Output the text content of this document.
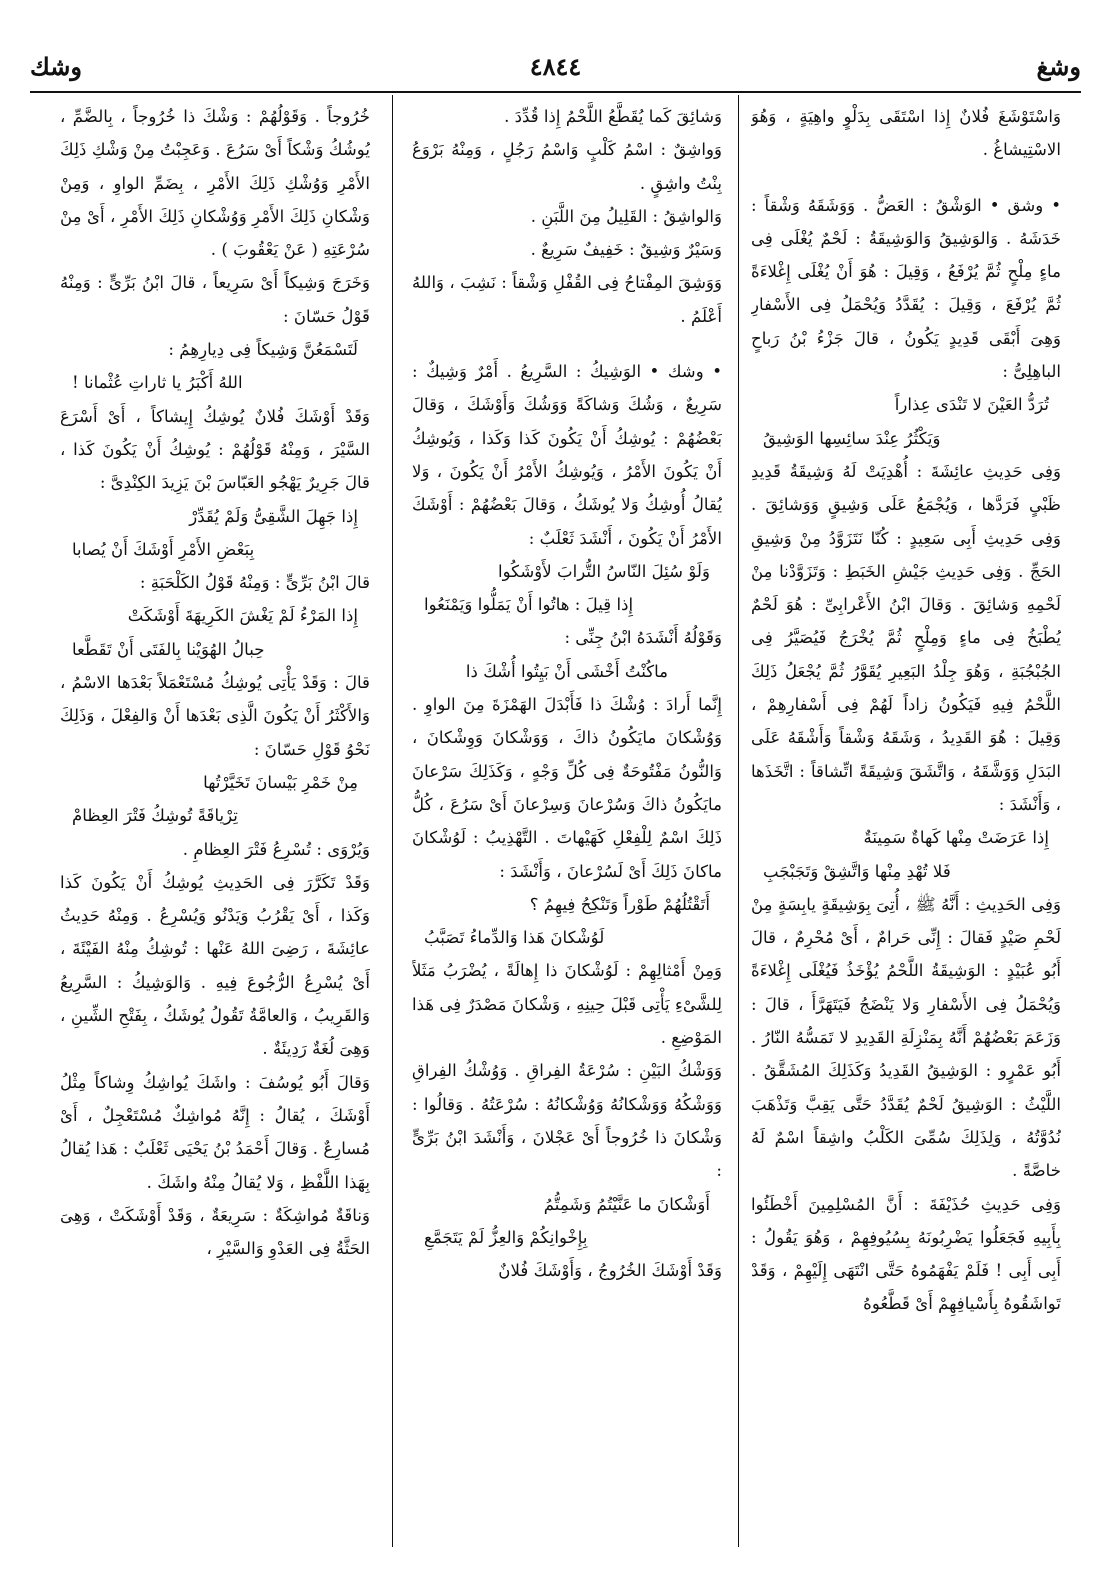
وشغ
٤٨٤٤
وشك

وَاسْتَوْشَغَ فُلانٌ إِذا اسْتَقَى بِدَلْوٍ واهِيَةٍ ، وَهُوَ الاسْتِيشاغُ .

• وشق • الوَشْقُ : العَضُّ . وَوَشَقَهُ وَشْقاً : خَدَشَهُ . وَالوَشِيقُ وَالوَشِيقَةُ : لَحْمٌ يُغْلَى فِى ماءٍ مِلْحٍ ثُمَّ يُرْفَعُ ، وَقِيلَ : هُوَ أَنْ يُغْلَى إِغْلاءَةً ثُمَّ يُرْفَعَ ، وَقِيلَ : يُقَدَّدُ وَيُحْمَلُ فِى الأَسْفارِ وَهِىَ أَبْقَى قَدِيدٍ يَكُونُ ، قالَ جَزْءُ بْنُ رَباحٍ الباهِلِىُّ :

تُرَدُّ العَيْنَ لا تَنْدَى عِذاراً

وَيَكْثُرُ عِنْدَ سائِسِها الوَشِيقُ

وَفِى حَدِيثِ عائِشَةَ : أُهْدِيَتْ لَهُ وَشِيقَةُ قَدِيدِ ظَبْىٍ فَرَدَّها ، وَيُجْمَعُ عَلَى وَشِيقٍ وَوَشائِقَ . وَفِى حَدِيثِ أَبِى سَعِيدٍ : كُنّا نَتَزَوَّدُ مِنْ وَشِيقِ الحَجِّ . وَفِى حَدِيثِ جَيْشِ الخَبَطِ : وَتَزَوَّدْنا مِنْ لَحْمِهِ وَشائِقَ . وَقالَ ابْنُ الأَعْرابِىِّ : هُوَ لَحْمٌ يُطْبَخُ فِى ماءٍ وَمِلْحٍ ثُمَّ يُخْرَجُ فَيُصَيَّرُ فِى الجُبْجُبَةِ ، وَهُوَ جِلْدُ البَعِيرِ يُقَوَّرُ ثُمَّ يُجْعَلُ ذَلِكَ اللَّحْمُ فِيهِ فَيَكُونُ زاداً لَهُمْ فِى أَسْفارِهِمْ ، وَقِيلَ : هُوَ القَدِيدُ ، وَشَقَهُ وَشْقاً وَأَشْقَهُ عَلَى البَدَلِ وَوَشَّقَهُ ، وَاتَّشَقَ وَشِيقَةً اتِّشاقاً : اتَّخَذَها ، وَأَنْشَدَ :

إِذا عَرَضَتْ مِنْها كَهاةٌ سَمِينَةٌ

فَلا تُهْدِ مِنْها وَاتَّشِقْ وَتَجَبْجَبِ

وَفِى الحَدِيثِ : أَنَّهُ ﷺ ، أُتِىَ بِوَشِيقَةٍ يابِسَةٍ مِنْ لَحْمِ صَيْدٍ فَقالَ : إِنِّى حَرامٌ ، أَىْ مُحْرِمٌ ، قالَ أَبُو عُبَيْدٍ : الوَشِيقَةُ اللَّحْمُ يُؤْخَذُ فَيُغْلَى إِغْلاءَةً وَيُحْمَلُ فِى الأَسْفارِ وَلا يَنْضَجُ فَيَتَهَرَّأَ ، قالَ : وَزَعَمَ بَعْضُهُمْ أَنَّهُ بِمَنْزِلَةِ القَدِيدِ لا تَمَسُّهُ النّارُ . أَبُو عَمْرٍو : الوَشِيقُ القَدِيدُ وَكَذَلِكَ المُشَقَّقُ . اللَّيْثُ : الوَشِيقُ لَحْمٌ يُقَدَّدُ حَتَّى يَقِبَّ وَتَذْهَبَ نُدُوَّتُهُ ، وَلِذَلِكَ سُمِّىَ الكَلْبُ واشِقاً اسْمٌ لَهُ خاصَّةً .

وَفِى حَدِيثِ حُذَيْفَةَ : أَنَّ المُسْلِمِينَ أَخْطَئُوا بِأَبِيهِ فَجَعَلُوا يَضْرِبُونَهُ بِسُيُوفِهِمْ ، وَهُوَ يَقُولُ : أَبِى أَبِى ! فَلَمْ يَفْهَمُوهُ حَتَّى انْتَهَى إِلَيْهِمْ ، وَقَدْ تَواشَقُوهُ بِأَسْيافِهِمْ أَىْ قَطَّعُوهُ

وَشائِقَ كَما يُقَطَّعُ اللَّحْمُ إِذا قُدِّدَ .

وَواشِقٌ : اسْمُ كَلْبٍ وَاسْمُ رَجُلٍ ، وَمِنْهُ بَرْوَعُ بِنْتُ واشِقٍ .

وَالواشِقُ : القَلِيلُ مِنَ اللَّبَنِ .

وَسَيْرٌ وَشِيقٌ : خَفِيفٌ سَرِيعٌ .

وَوَشِقَ المِفْتاحُ فِى القُفْلِ وَشْقاً : نَشِبَ ، وَاللهُ أَعْلَمُ .

• وشك • الوَشِيكُ : السَّرِيعُ . أَمْرٌ وَشِيكٌ : سَرِيعٌ ، وَشُكَ وَشاكَةً وَوَشُكَ وَأَوْشَكَ ، وَقالَ بَعْضُهُمْ : يُوشِكُ أَنْ يَكُونَ كَذا وَكَذا ، وَيُوشِكُ أَنْ يَكُونَ الأَمْرُ ، وَيُوشِكُ الأَمْرُ أَنْ يَكُونَ ، وَلا يُقالُ أُوشِكُ وَلا يُوشَكُ ، وَقالَ بَعْضُهُمْ : أَوْشَكَ الأَمْرُ أَنْ يَكُونَ ، أَنْشَدَ ثَعْلَبٌ :

وَلَوْ سُئِلَ النّاسُ التُّرابَ لأَوْشَكُوا

إِذا قِيلَ : هاتُوا أَنْ يَمَلُّوا وَيَمْنَعُوا

وَقَوْلُهُ أَنْشَدَهُ ابْنُ جِنِّى :

ماكُنْتُ أَخْشَى أَنْ بَيِتُوا أُشْكَ ذا

إِنَّما أَرادَ : وُشْكَ ذا فَأَبْدَلَ الهَمْزَةَ مِنَ الواوِ . وَوُشْكانَ مايَكُونُ ذاكَ ، وَوَشْكانَ وَوِشْكانَ ، وَالنُّونُ مَفْتُوحَةٌ فِى كُلِّ وَجْهٍ ، وَكَذَلِكَ سَرْعانَ مايَكُونُ ذاكَ وَسُرْعانَ وَسِرْعانَ أَىْ سَرُعَ ، كُلُّ ذَلِكَ اسْمٌ لِلْفِعْلِ كَهَيْهاتَ . التَّهْذِيبُ : لَوُشْكانَ ماكانَ ذَلِكَ أَىْ لَسُرْعانَ ، وَأَنْشَدَ :

أَتَقْتُلُهُمْ طَوْراً وَتَنْكِحُ فِيهِمُ ؟

لَوُشْكانَ هَذا وَالدِّماءُ تَصَبَّبُ

وَمِنْ أَمْثالِهِمْ : لَوُشْكانَ ذا إِهالَةً ، يُضْرَبُ مَثَلاً لِلشَّىْءِ يَأْتِى قَبْلَ حِينِهِ ، وَشْكانَ مَصْدَرٌ فِى هَذا المَوْضِعِ .

وَوَشْكُ البَيْنِ : سُرْعَةُ الفِراقِ . وَوُشْكُ الفِراقِ وَوَشْكُهُ وَوَشْكانُهُ وَوُشْكانُهُ : سُرْعَتُهُ . وَقالُوا : وَشْكانَ ذا خُرُوجاً أَىْ عَجْلانَ ، وَأَنْشَدَ ابْنُ بَرِّىٍّ :

أَوَشْكانَ ما عَنَّيْتُمُ وَشَمِتُّمُ

بِإِخْوانِكُمْ وَالعِزُّ لَمْ يَتَجَمَّعِ

وَقَدْ أَوْشَكَ الخُرُوجُ ، وَأَوْشَكَ فُلانٌ

خُرُوجاً . وَقَوْلُهُمْ : وَشْكَ ذا خُرُوجاً ، بِالضَّمِّ ، يُوشُكُ وَشْكاً أَىْ سَرُعَ . وَعَجِبْتُ مِنْ وَشْكِ ذَلِكَ الأَمْرِ وَوُشْكِ ذَلِكَ الأَمْرِ ، بِضَمِّ الواوِ ، وَمِنْ وَشْكانِ ذَلِكَ الأَمْرِ وَوُشْكانِ ذَلِكَ الأَمْرِ ، أَىْ مِنْ سُرْعَتِهِ ( عَنْ يَعْقُوبَ ) .

وَخَرَجَ وَشِيكاً أَىْ سَرِيعاً ، قالَ ابْنُ بَرِّىٍّ : وَمِنْهُ قَوْلُ حَسّانَ :

لَتَسْمَعُنَّ وَشِيكاً فِى دِيارِهِمُ :

اللهُ أَكْبَرُ يا ثاراتِ عُثْمانا !

وَقَدْ أَوْشَكَ فُلانٌ يُوشِكُ إِيشاكاً ، أَىْ أَسْرَعَ السَّيْرَ ، وَمِنْهُ قَوْلُهُمْ : يُوشِكُ أَنْ يَكُونَ كَذا ، قالَ جَرِيرٌ يَهْجُو العَبّاسَ بْنَ يَزِيدَ الكِنْدِىَّ :

إِذا جَهِلَ الشَّقِىُّ وَلَمْ يُقَدِّرْ

بِبَعْضِ الأَمْرِ أَوْشَكَ أَنْ يُصابا

قالَ ابْنُ بَرِّىٍّ : وَمِنْهُ قَوْلُ الكَلْحَبَةِ :

إِذا المَرْءُ لَمْ يَغْشَ الكَرِيهَةَ أَوْشَكَتْ

حِبالُ الهُوَيْنا بِالفَتَى أَنْ تَقَطَّعا

قالَ : وَقَدْ يَأْتِى يُوشِكُ مُسْتَعْمَلاً بَعْدَها الاسْمُ ، وَالأَكْثَرُ أَنْ يَكُونَ الَّذِى بَعْدَها أَنْ وَالفِعْلَ ، وَذَلِكَ نَحْوُ قَوْلِ حَسّانَ :

مِنْ خَمْرِ بَيْسانَ تَخَيَّرْتُها

تِرْياقَةً تُوشِكُ فَتْرَ العِظامْ

وَيُرْوَى : تُسْرِعُ فَتْرَ العِظامِ .

وَقَدْ تَكَرَّرَ فِى الحَدِيثِ يُوشِكُ أَنْ يَكُونَ كَذا وَكَذا ، أَىْ يَقْرُبُ وَيَدْنُو وَيُسْرِعُ . وَمِنْهُ حَدِيثُ عائِشَةَ ، رَضِىَ اللهُ عَنْها : تُوشِكُ مِنْهُ الفَيْئَةَ ، أَىْ يُسْرِعُ الرُّجُوعَ فِيهِ . وَالوَشِيكُ : السَّرِيعُ وَالقَرِيبُ ، وَالعامَّةُ تَقُولُ يُوشَكُ ، بِفَتْحِ الشِّينِ ، وَهِىَ لُغَةٌ رَدِيئَةٌ .

وَقالَ أَبُو يُوسُفَ : واشَكَ يُواشِكُ وِشاكاً مِثْلُ أَوْشَكَ ، يُقالُ : إِنَّهُ مُواشِكٌ مُسْتَعْجِلٌ ، أَىْ مُسارِعٌ . وَقالَ أَحْمَدُ بْنُ يَحْيَى ثَعْلَبٌ : هَذا يُقالُ بِهَذا اللَّفْظِ ، وَلا يُقالُ مِنْهُ واشَكَ .

وَناقَةٌ مُواشِكَةٌ : سَرِيعَةٌ ، وَقَدْ أَوْشَكَتْ ، وَهِىَ الحَثَّةُ فِى العَدْوِ وَالسَّيْرِ ،
